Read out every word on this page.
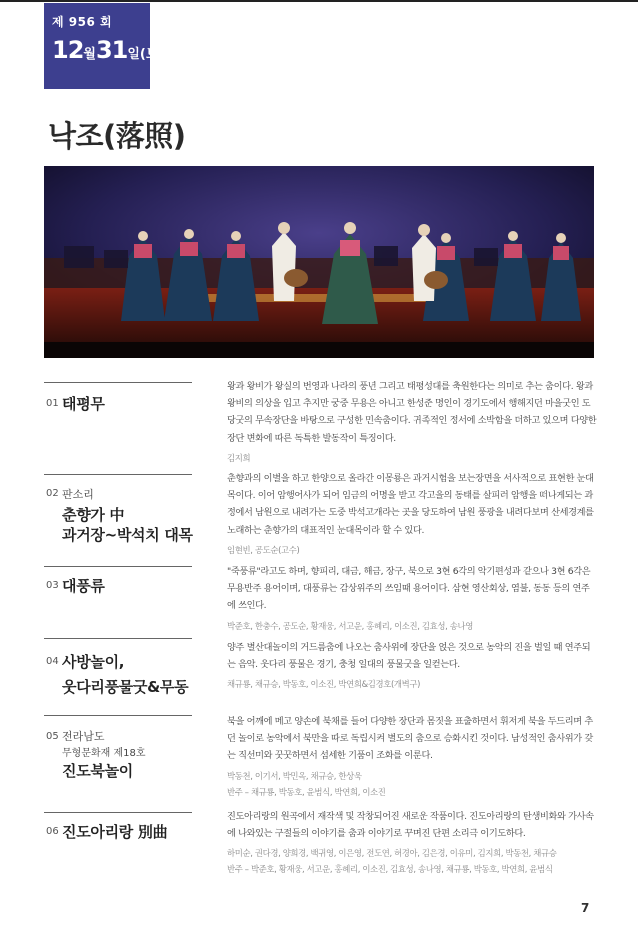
제 956 회
12월31일(토)
낙조(落照)
01 태평무

왕과 왕비가 왕실의 번영과 나라의 풍년 그리고 태평성대를 축원한다는 의미로 추는 춤이다. 왕과 왕비의 의상을 입고 추지만 궁중 무용은 아니고 한성준 명인이 경기도에서 행해지던 마을굿인 도당굿의 무속장단을 바탕으로 구성한 민속춤이다. 귀족적인 정서에 소박함을 더하고 있으며 다양한 장단 변화에 따른 독특한 발동작이 특징이다.

김지희

02 판소리
춘향가 中
과거장~박석치 대목

춘향과의 이별을 하고 한양으로 올라간 이몽룡은 과거시험을 보는장면을 서사적으로 표현한 눈대목이다. 이어 암행어사가 되어 임금의 어명을 받고 각고을의 동태를 살피러 암행을 떠나게되는 과정에서 남원으로 내려가는 도중 박석고개라는 곳을 당도하여 남원 풍광을 내려다보며 산세경계를 노래하는 춘향가의 대표적인 눈대목이라 할 수 있다.

임현빈, 공도순(고수)

03 대풍류

"죽풍류"라고도 하며, 향피리, 대금, 해금, 장구, 북으로 3현 6각의 악기편성과 같으나 3현 6각은 무용반주 용어이며, 대풍류는 감상위주의 쓰임때 용어이다. 삼현 영산회상, 염불, 동동 등의 연주에 쓰인다.

박준호, 한충수, 공도순, 황재웅, 서고운, 홍혜리, 이소진, 김효성, 송나영

04 사방놀이,
웃다리풍물굿&무동

양주 별산대놀이의 거드름춤에 나오는 춤사위에 장단을 얹은 것으로 농악의 진을 벌일 때 연주되는 음악. 웃다리 풍물은 경기, 충청 일대의 풍물굿을 일컫는다.

채규룡, 채규승, 박동호, 이소진, 박연희&김경호(개벽구)

05 전라남도
무형문화재 제18호
진도북놀이

북을 어깨에 메고 양손에 북채를 들어 다양한 장단과 몸짓을 표출하면서 휘저게 북을 두드리며 추던 놀이로 농악에서 북만을 따로 독립시켜 별도의 춤으로 승화시킨 것이다. 남성적인 춤사위가 갖는 직선미와 꿋꿋하면서 섬세한 기품이 조화를 이룬다.

박동천, 이기서, 박민옥, 채규승, 한상욱

반주 – 채규룡, 박동호, 윤범식, 박연희, 이소진

06 진도아리랑 別曲

진도아리랑의 원곡에서 재작색 및 작창되어진 새로운 작품이다. 진도아리랑의 탄생비화와 가사속에 나와있는 구절들의 이야기를 춤과 이야기로 꾸며진 단편 소리극 이기도하다.

하미순, 권다경, 양희경, 백귀영, 이은영, 전도연, 허경아, 김은경, 이유미, 김지희, 박동천, 채규승

반주 – 박준호, 황재웅, 서고운, 홍혜리, 이소진, 김효성, 송나영, 채규룡, 박동호, 박연희, 윤범식

7
